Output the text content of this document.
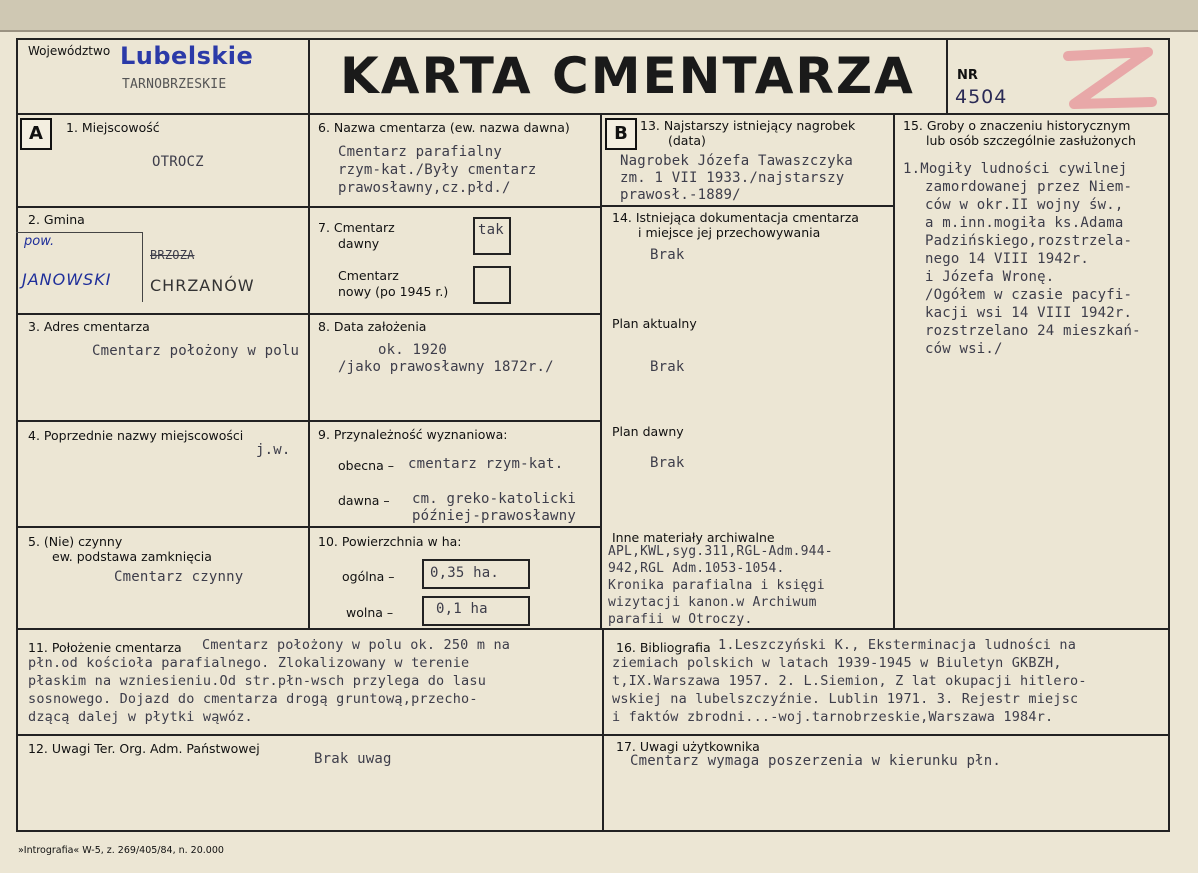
Województwo Lubelskie
TARNOBRZESKIE KARTA CMENTARZA	NR
4504
A	1. Miejscowość
OTROCZ
2. Gmina
pow.
JANOWSKI
BRZOZA
CHRZANÓW
3. Adres cmentarza
Cmentarz położony w polu
4. Poprzednie nazwy miejscowości
j.w.
5. (Nie) czynny
ew. podstawa zamknięcia
Cmentarz czynny
6. Nazwa cmentarza (ew. nazwa dawna)
Cmentarz parafialny
rzym-kat./Były cmentarz
prawosławny,cz.płd./
7. Cmentarz
dawny
tak
Cmentarz
nowy (po 1945 r.)
8. Data założenia
ok. 1920
/jako prawosławny 1872r./
9. Przynależność wyznaniowa:
obecna – cmentarz rzym-kat.
dawna – cm. greko-katolicki
później-prawosławny
10. Powierzchnia w ha:
ogólna –	0,35 ha.
wolna –	0,1 ha
B 13. Najstarszy istniejący nagrobek
(data)
Nagrobek Józefa Tawaszczyka
zm. 1 VII 1933./najstarszy
prawosł.-1889/
14. Istniejąca dokumentacja cmentarza
i miejsce jej przechowywania
Brak
Plan aktualny
Brak
Plan dawny
Brak
Inne materiały archiwalne
APL,KWL,syg.311,RGL-Adm.944-
942,RGL Adm.1053-1054.
Kronika parafialna i księgi
wizytacji kanon.w Archiwum
parafii w Otroczy.
15. Groby o znaczeniu historycznym
lub osób szczególnie zasłużonych
1.Mogiły ludności cywilnej
zamordowanej przez Niem-
ców w okr.II wojny św.,
a m.inn.mogiła ks.Adama
Padzińskiego,rozstrzela-
nego 14 VIII 1942r.
i Józefa Wronę.
/Ogółem w czasie pacyfi-
kacji wsi 14 VIII 1942r.
rozstrzelano 24 mieszkań-
ców wsi./
11. Położenie cmentarza Cmentarz położony w polu ok. 250 m na
płn.od kościoła parafialnego. Zlokalizowany w terenie
płaskim na wzniesieniu.Od str.płn-wsch przylega do lasu
sosnowego. Dojazd do cmentarza drogą gruntową,przecho-
dzącą dalej w płytki wąwóz.
16. Bibliografia 1.Leszczyński K., Eksterminacja ludności na
ziemiach polskich w latach 1939-1945 w Biuletyn GKBZH,
t,IX.Warszawa 1957. 2. L.Siemion, Z lat okupacji hitlero-
wskiej na lubelszczyźnie. Lublin 1971. 3. Rejestr miejsc
i faktów zbrodni...-woj.tarnobrzeskie,Warszawa 1984r.
12. Uwagi Ter. Org. Adm. Państwowej
Brak uwag
17. Uwagi użytkownika
Cmentarz wymaga poszerzenia w kierunku płn.
»Intrografia« W-5, z. 269/405/84, n. 20.000
